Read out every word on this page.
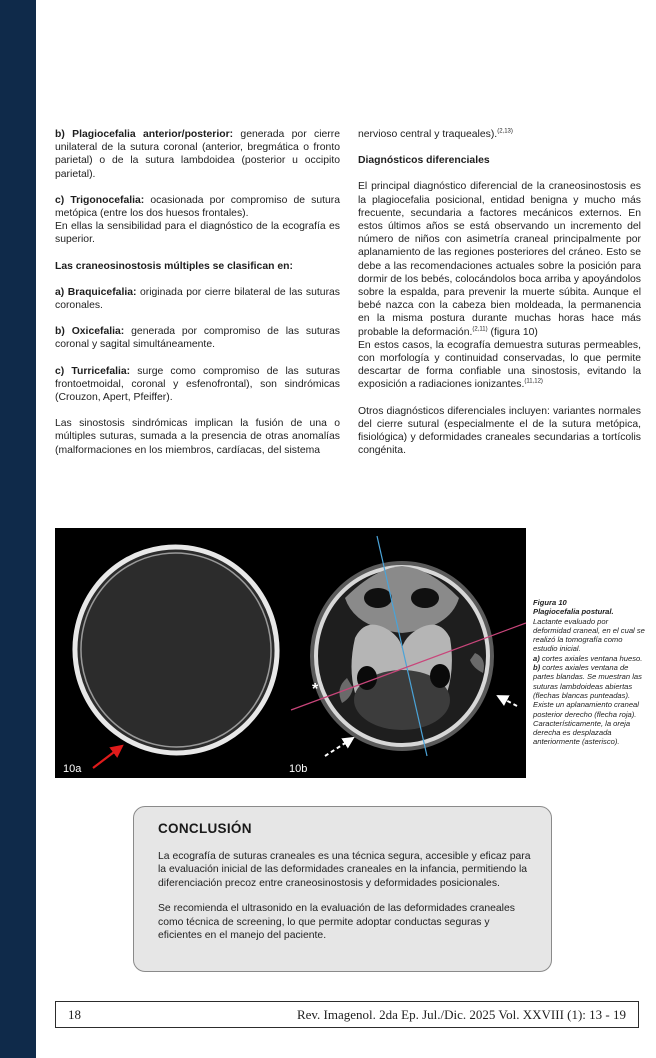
b) Plagiocefalia anterior/posterior: generada por cierre unilateral de la sutura coronal (anterior, bregmática o fronto parietal) o de la sutura lambdoidea (posterior u occipito parietal).

c) Trigonocefalia: ocasionada por compromiso de sutura metópica (entre los dos huesos frontales).

En ellas la sensibilidad para el diagnóstico de la ecografía es superior.

Las craneosinostosis múltiples se clasifican en:

a) Braquicefalia: originada por cierre bilateral de las suturas coronales.

b) Oxicefalia: generada por compromiso de las suturas coronal y sagital simultáneamente.

c) Turricefalia: surge como compromiso de las suturas frontoetmoidal, coronal y esfenofrontal), son sindrómicas (Crouzon, Apert, Pfeiffer).

Las sinostosis sindrómicas implican la fusión de una o múltiples suturas, sumada a la presencia de otras anomalías (malformaciones en los miembros, cardíacas, del sistema

nervioso central y traqueales).$^{(2,13)}$

Diagnósticos diferenciales

El principal diagnóstico diferencial de la craneosinostosis es la plagiocefalia posicional, entidad benigna y mucho más frecuente, secundaria a factores mecánicos externos. En estos últimos años se está observando un incremento del número de niños con asimetría craneal principalmente por aplanamiento de las regiones posteriores del cráneo. Esto se debe a las recomendaciones actuales sobre la posición para dormir de los bebés, colocándolos boca arriba y apoyándolos sobre la espalda, para prevenir la muerte súbita. Aunque el bebé nazca con la cabeza bien moldeada, la permanencia en la misma postura durante muchas horas hace más probable la deformación.$^{(2,11)}$ (figura 10)

En estos casos, la ecografía demuestra suturas permeables, con morfología y continuidad conservadas, lo que permite descartar de forma confiable una sinostosis, evitando la exposición a radiaciones ionizantes.$^{(11,12)}$

Otros diagnósticos diferenciales incluyen: variantes normales del cierre sutural (especialmente el de la sutura metópica, fisiológica) y deformidades craneales secundarias a tortícolis congénita.

10a
*
10b
Figura 10
Plagiocefalia postural.
Lactante evaluado por deformidad craneal, en el cual se realizó la tomografía como estudio inicial.
a) cortes axiales ventana hueso.
b) cortes axiales ventana de partes blandas. Se muestran las suturas lambdoideas abiertas (flechas blancas punteadas). Existe un aplanamiento craneal posterior derecho (flecha roja). Característicamente, la oreja derecha es desplazada anteriormente (asterisco).
CONCLUSIÓN

La ecografía de suturas craneales es una técnica segura, accesible y eficaz para la evaluación inicial de las deformidades craneales en la infancia, permitiendo la diferenciación precoz entre craneosinostosis y deformidades posicionales.

Se recomienda el ultrasonido en la evaluación de las deformidades craneales como técnica de screening, lo que permite adoptar conductas seguras y eficientes en el manejo del paciente.

18	Rev. Imagenol. 2da Ep. Jul./Dic. 2025 Vol. XXVIII (1): 13 - 19
